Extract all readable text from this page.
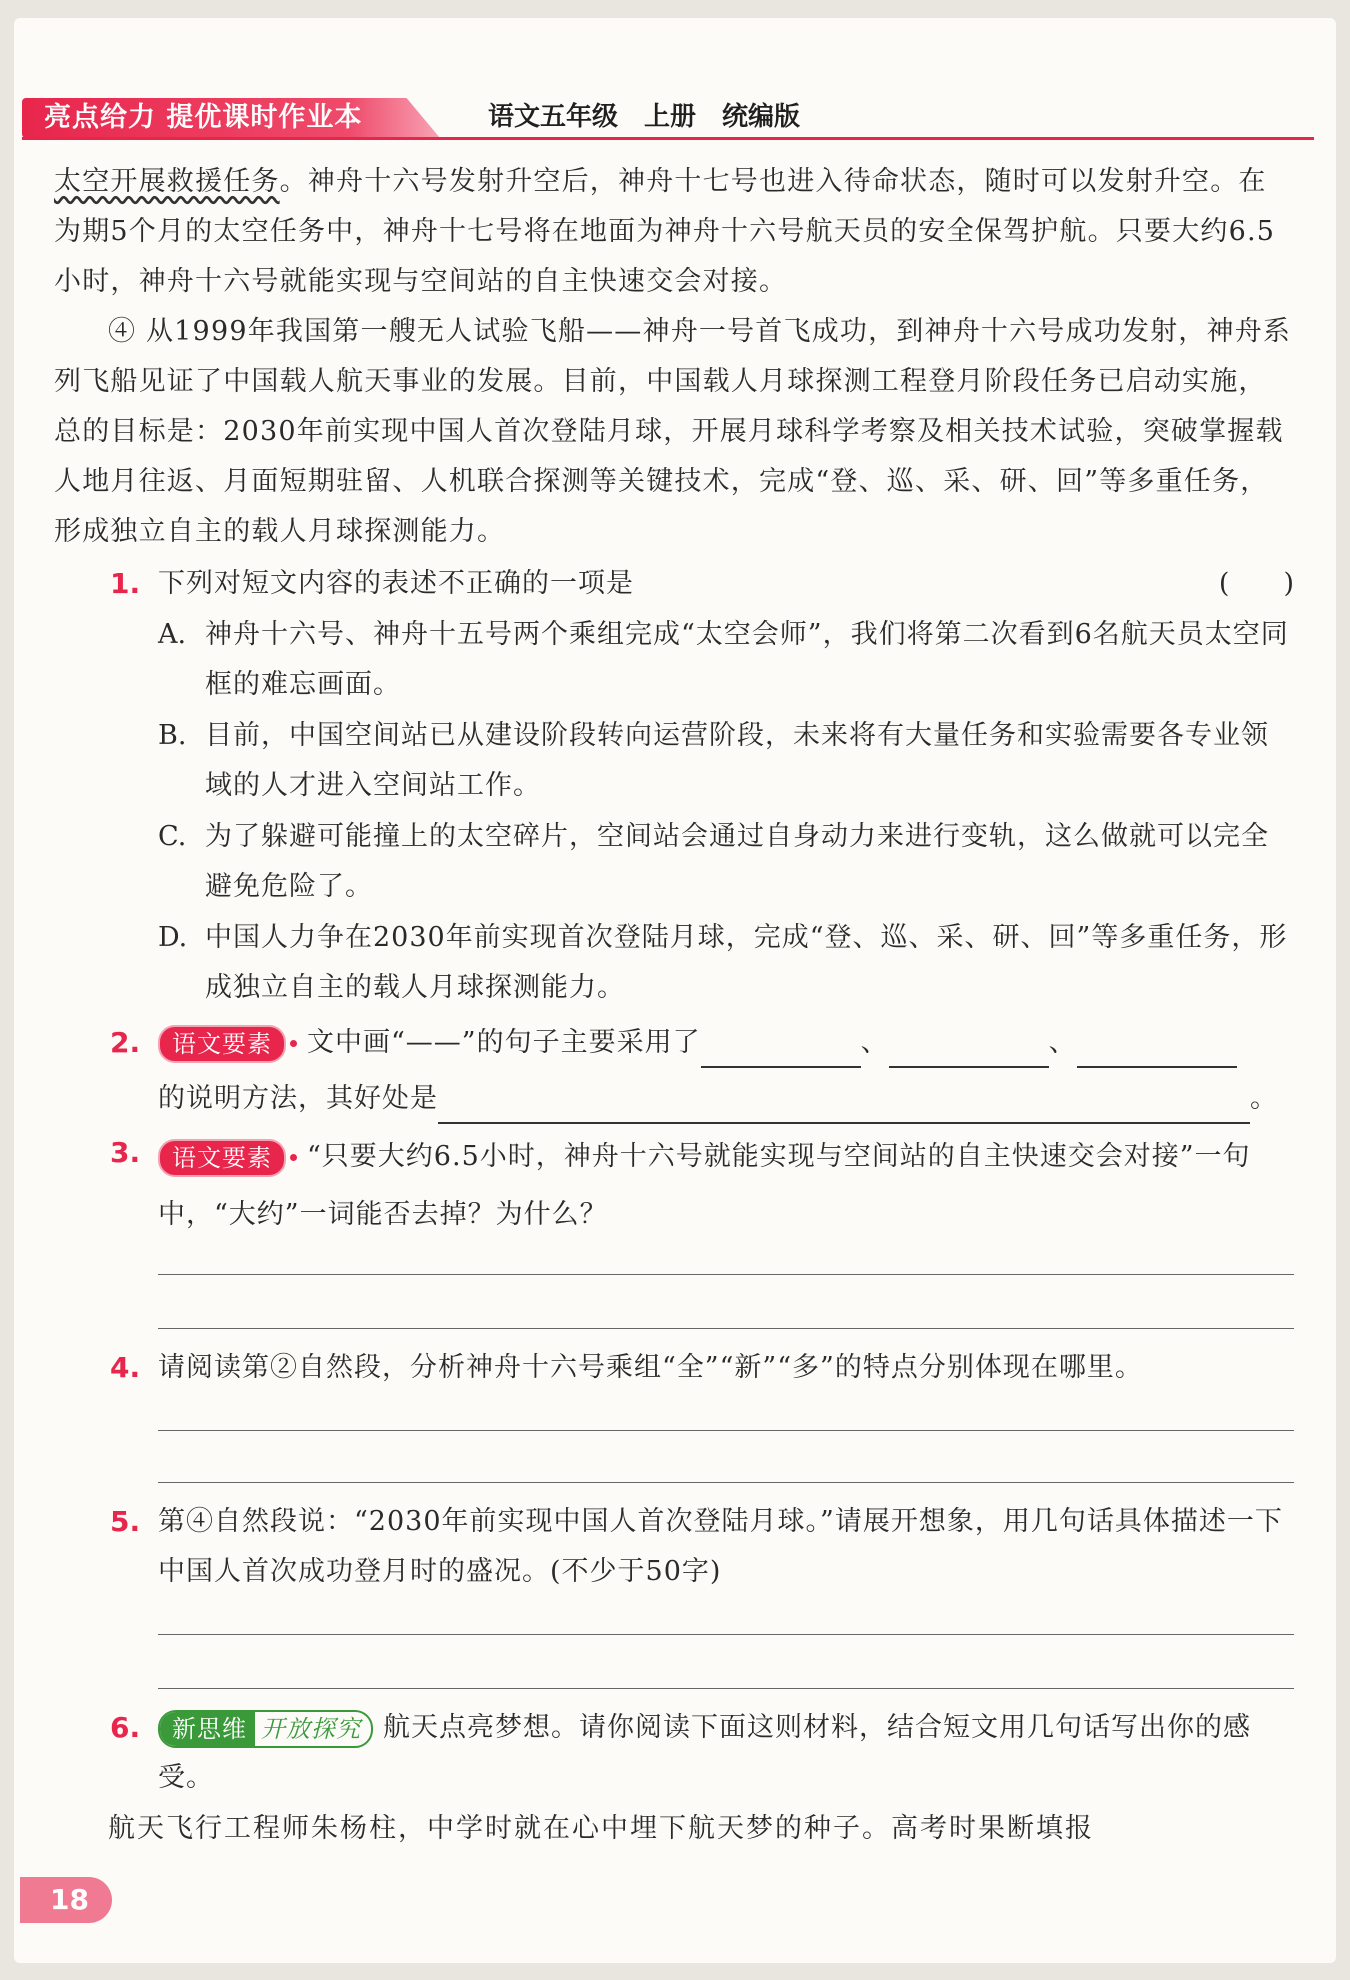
亮点给力 提优课时作业本	语文五年级　上册　统编版

太空开展救援任务。神舟十六号发射升空后，神舟十七号也进入待命状态，随时可以发射升空。在为期5个月的太空任务中，神舟十七号将在地面为神舟十六号航天员的安全保驾护航。只要大约6.5小时，神舟十六号就能实现与空间站的自主快速交会对接。

④ 从1999年我国第一艘无人试验飞船——神舟一号首飞成功，到神舟十六号成功发射，神舟系列飞船见证了中国载人航天事业的发展。目前，中国载人月球探测工程登月阶段任务已启动实施，总的目标是：2030年前实现中国人首次登陆月球，开展月球科学考察及相关技术试验，突破掌握载人地月往返、月面短期驻留、人机联合探测等关键技术，完成“登、巡、采、研、回”等多重任务，形成独立自主的载人月球探测能力。

1. 下列对短文内容的表述不正确的一项是	(　　)
A. 神舟十六号、神舟十五号两个乘组完成“太空会师”，我们将第二次看到6名航天员太空同框的难忘画面。

B. 目前，中国空间站已从建设阶段转向运营阶段，未来将有大量任务和实验需要各专业领域的人才进入空间站工作。

C. 为了躲避可能撞上的太空碎片，空间站会通过自身动力来进行变轨，这么做就可以完全避免危险了。

D. 中国人力争在2030年前实现首次登陆月球，完成“登、巡、采、研、回”等多重任务，形成独立自主的载人月球探测能力。

2.	语文要素 文中画“——”的句子主要采用了	、	、
的说明方法，其好处是	。
3.	语文要素 “只要大约6.5小时，神舟十六号就能实现与空间站的自主快速交会对接”一句中，“大约”一词能否去掉？为什么？

4. 请阅读第②自然段，分析神舟十六号乘组“全”“新”“多”的特点分别体现在哪里。

5. 第④自然段说：“2030年前实现中国人首次登陆月球。”请展开想象，用几句话具体描述一下中国人首次成功登月时的盛况。(不少于50字)

6.	新思维 开放探究 航天点亮梦想。请你阅读下面这则材料，结合短文用几句话写出你的感受。

航天飞行工程师朱杨柱，中学时就在心中埋下航天梦的种子。高考时果断填报

18
